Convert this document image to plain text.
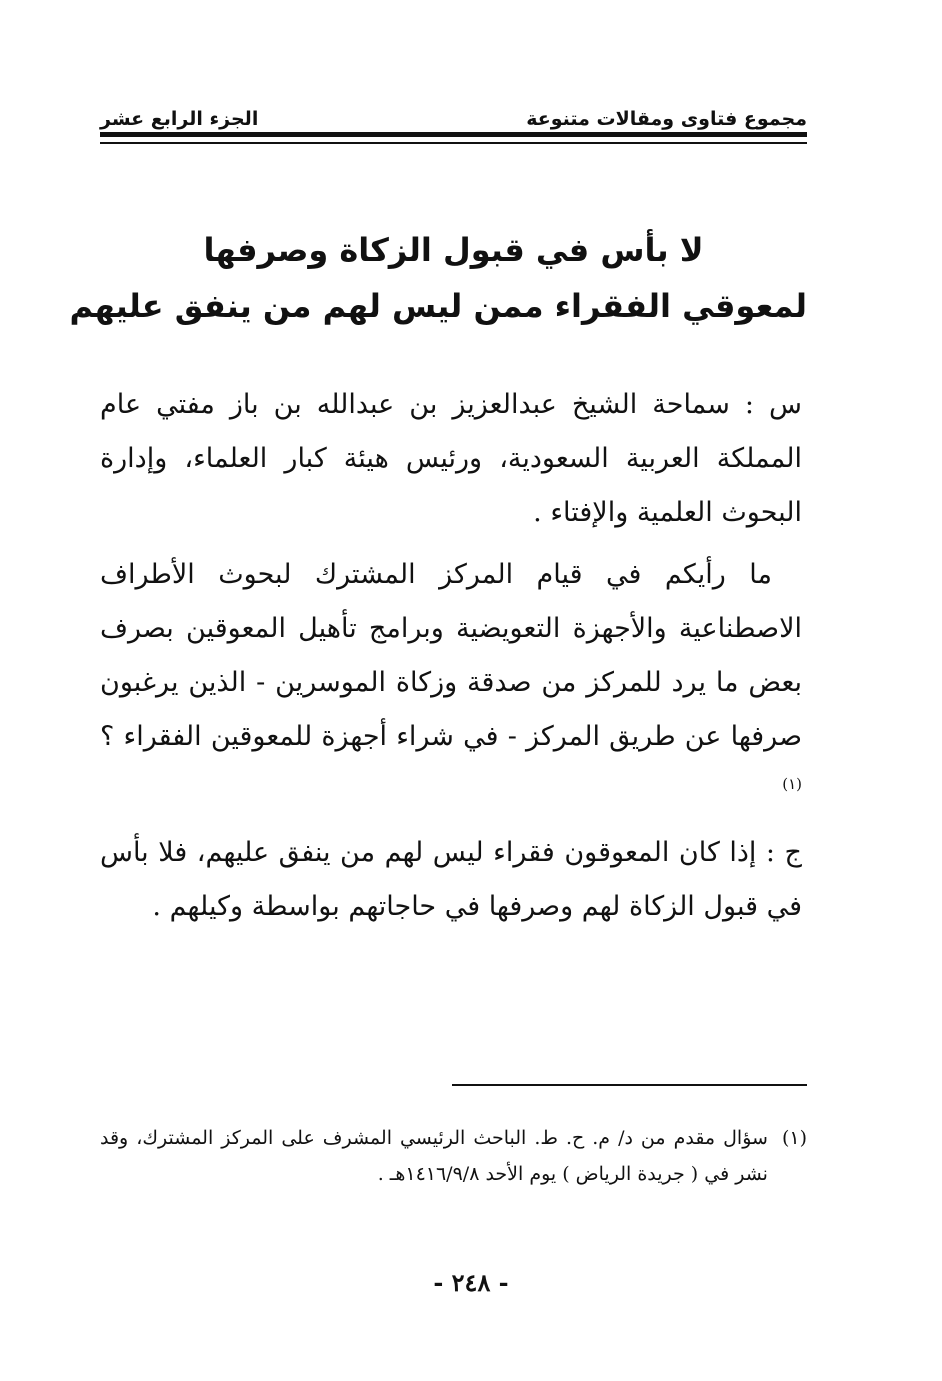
مجموع فتاوى ومقالات متنوعة
الجزء الرابع عشر
لا بأس في قبول الزكاة وصرفها
لمعوقي الفقراء ممن ليس لهم من ينفق عليهم

س : سماحة الشيخ عبدالعزيز بن عبدالله بن باز مفتي عام المملكة العربية السعودية، ورئيس هيئة كبار العلماء، وإدارة البحوث العلمية والإفتاء .

ما رأيكم في قيام المركز المشترك لبحوث الأطراف الاصطناعية والأجهزة التعويضية وبرامج تأهيل المعوقين بصرف بعض ما يرد للمركز من صدقة وزكاة الموسرين - الذين يرغبون صرفها عن طريق المركز - في شراء أجهزة للمعوقين الفقراء ؟$^{(١)}$

ج : إذا كان المعوقون فقراء ليس لهم من ينفق عليهم، فلا بأس في قبول الزكاة لهم وصرفها في حاجاتهم بواسطة وكيلهم .

(١)
سؤال مقدم من د/ م. ح. ط. الباحث الرئيسي المشرف على المركز المشترك، وقد نشر في ( جريدة الرياض ) يوم الأحد ١٤١٦/٩/٨هـ .
- ٢٤٨ -
